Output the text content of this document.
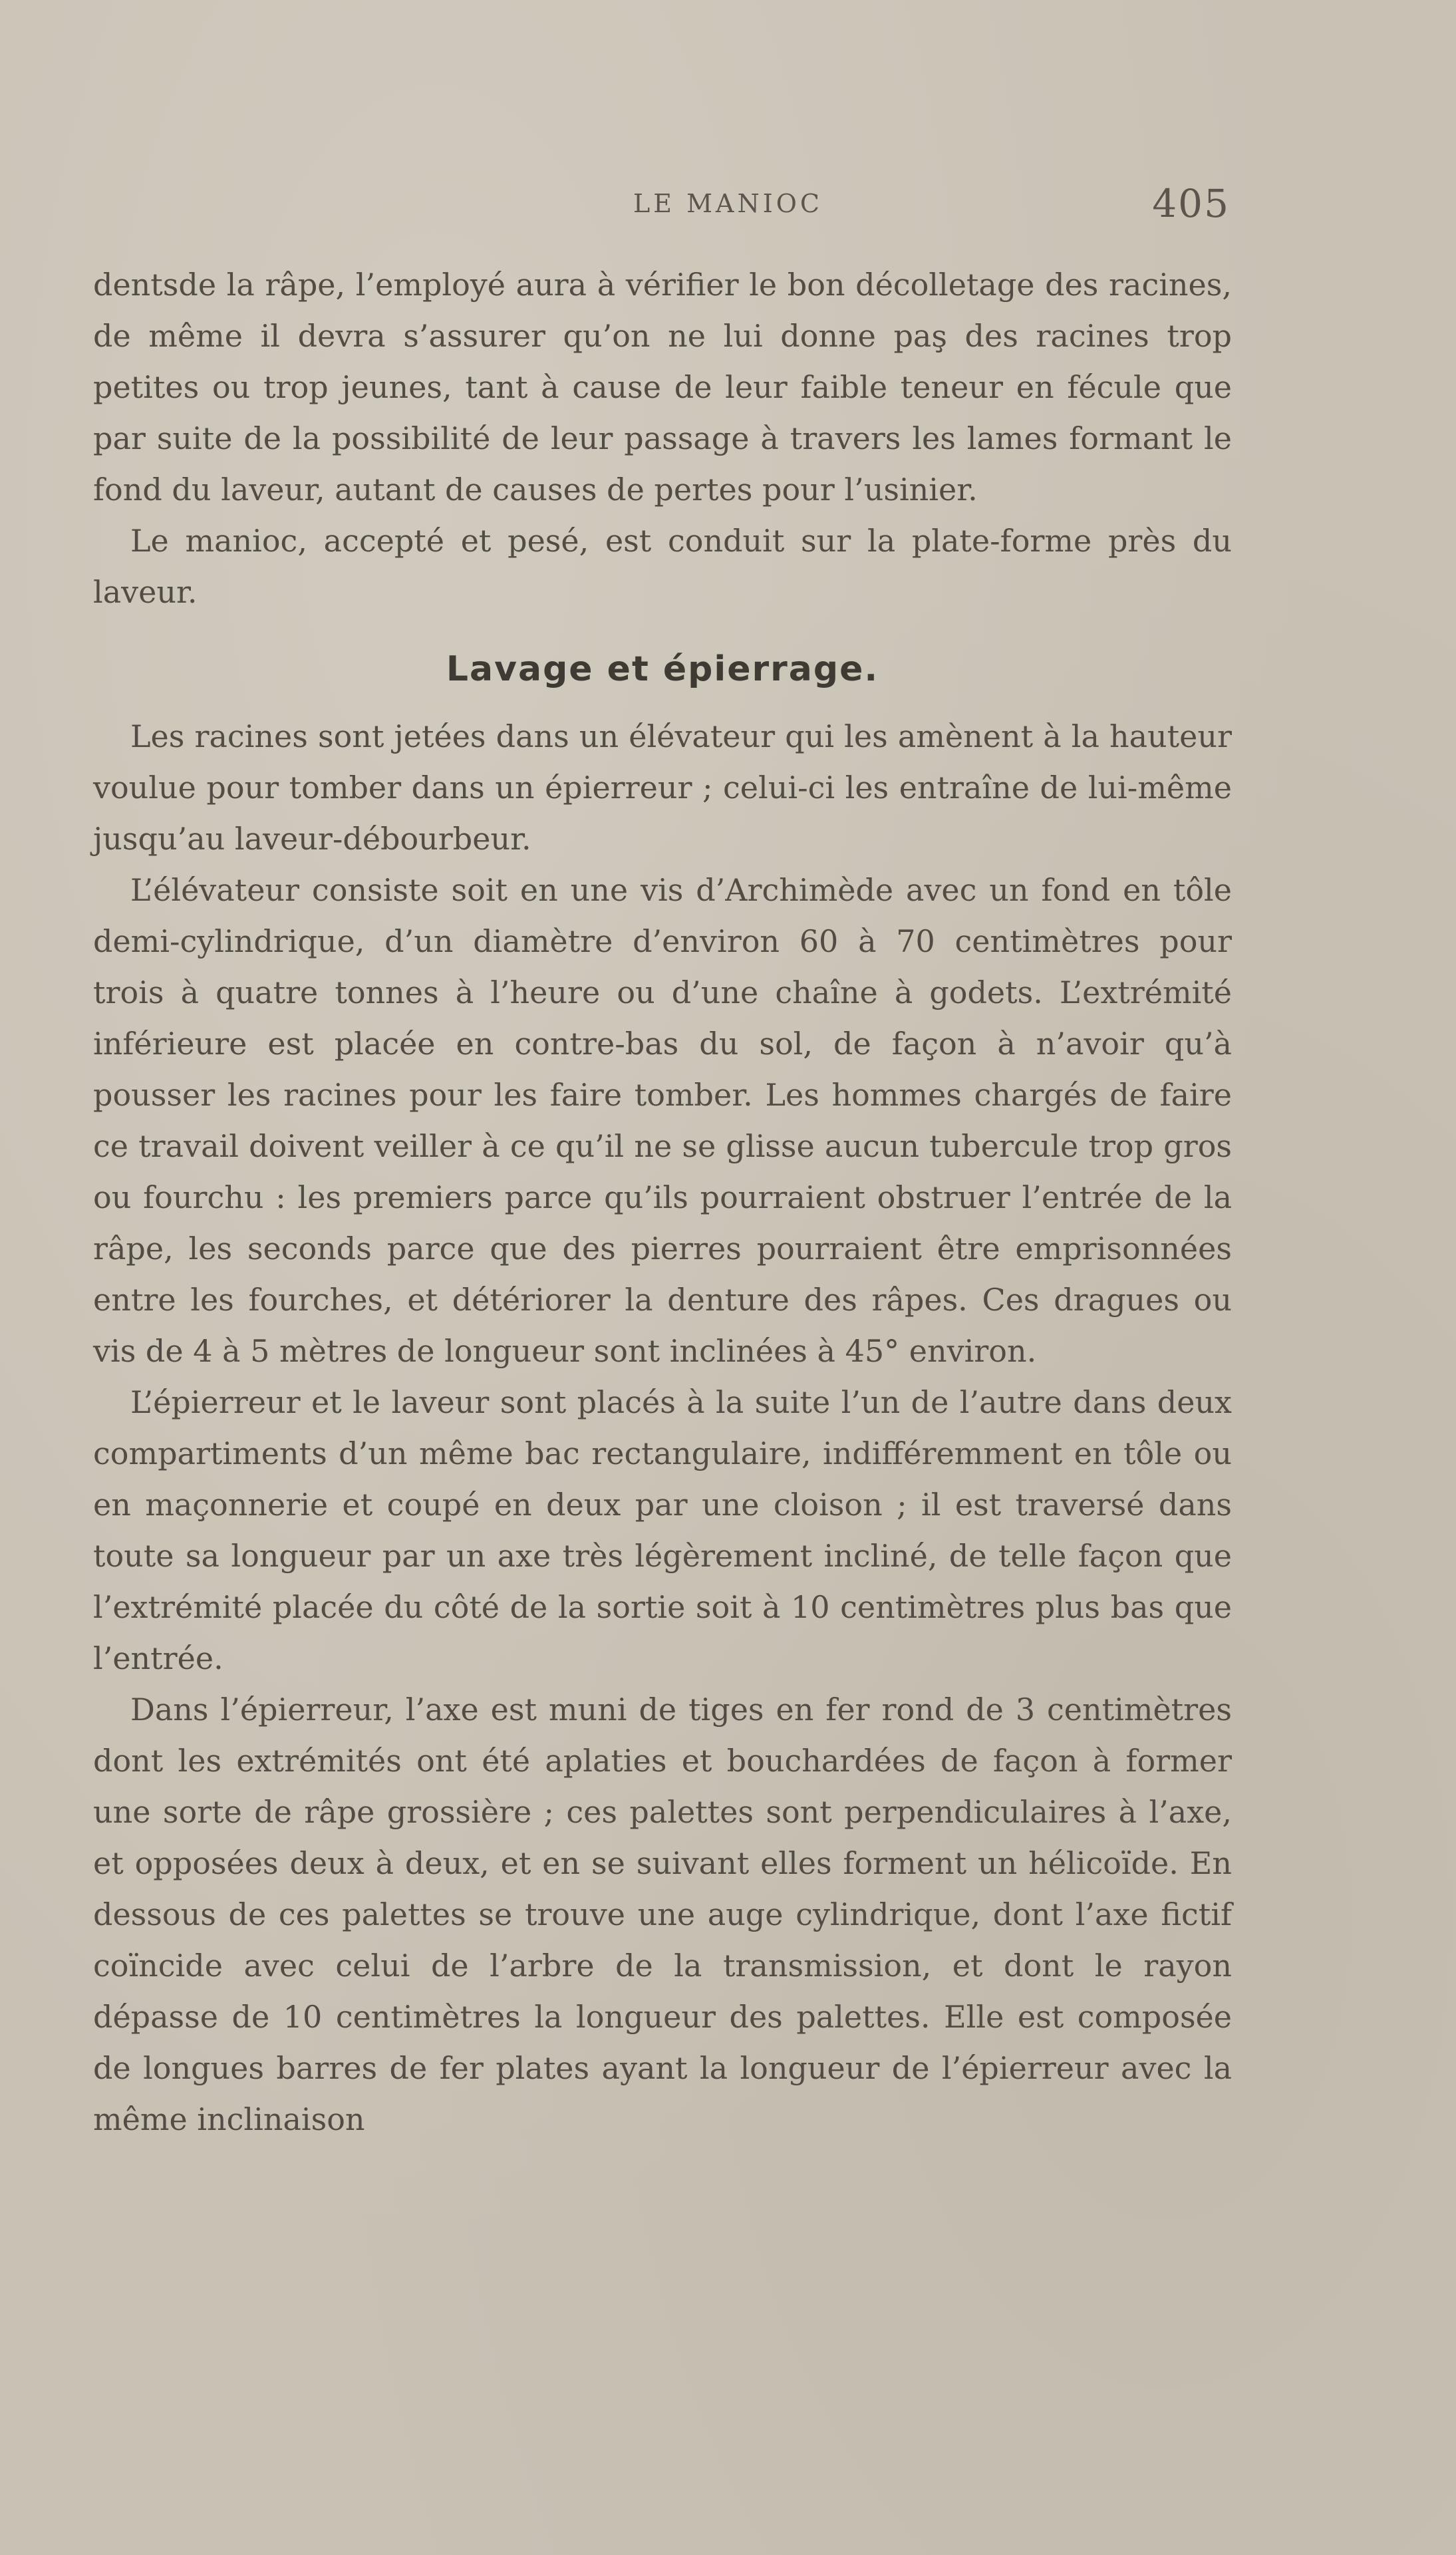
LE MANIOC	405

dentsde la râpe, l’employé aura à vérifier le bon décolletage des racines, de même il devra s’assurer qu’on ne lui donne paş des racines trop petites ou trop jeunes, tant à cause de leur faible teneur en fécule que par suite de la possibilité de leur passage à travers les lames formant le fond du laveur, autant de causes de pertes pour l’usinier.

Le manioc, accepté et pesé, est conduit sur la plate-forme près du laveur.

Lavage et épierrage.

Les racines sont jetées dans un élévateur qui les amènent à la hauteur voulue pour tomber dans un épierreur ; celui-ci les entraîne de lui-même jusqu’au laveur-débourbeur.

L’élévateur consiste soit en une vis d’Archimède avec un fond en tôle demi-cylindrique, d’un diamètre d’environ 60 à 70 centimètres pour trois à quatre tonnes à l’heure ou d’une chaîne à godets. L’extrémité inférieure est placée en contre-bas du sol, de façon à n’avoir qu’à pousser les racines pour les faire tomber. Les hommes chargés de faire ce travail doivent veiller à ce qu’il ne se glisse aucun tubercule trop gros ou fourchu : les premiers parce qu’ils pourraient obstruer l’entrée de la râpe, les seconds parce que des pierres pourraient être emprisonnées entre les fourches, et détériorer la denture des râpes. Ces dragues ou vis de 4 à 5 mètres de longueur sont inclinées à 45° environ.

L’épierreur et le laveur sont placés à la suite l’un de l’autre dans deux compartiments d’un même bac rectangulaire, indifféremment en tôle ou en maçonnerie et coupé en deux par une cloison ; il est traversé dans toute sa longueur par un axe très légèrement incliné, de telle façon que l’extrémité placée du côté de la sortie soit à 10 centimètres plus bas que l’entrée.

Dans l’épierreur, l’axe est muni de tiges en fer rond de 3 centimètres dont les extrémités ont été aplaties et bouchardées de façon à former une sorte de râpe grossière ; ces palettes sont perpendiculaires à l’axe, et opposées deux à deux, et en se suivant elles forment un hélicoïde. En dessous de ces palettes se trouve une auge cylindrique, dont l’axe fictif coïncide avec celui de l’arbre de la transmission, et dont le rayon dépasse de 10 centimètres la longueur des palettes. Elle est composée de longues barres de fer plates ayant la longueur de l’épierreur avec la même inclinaison
